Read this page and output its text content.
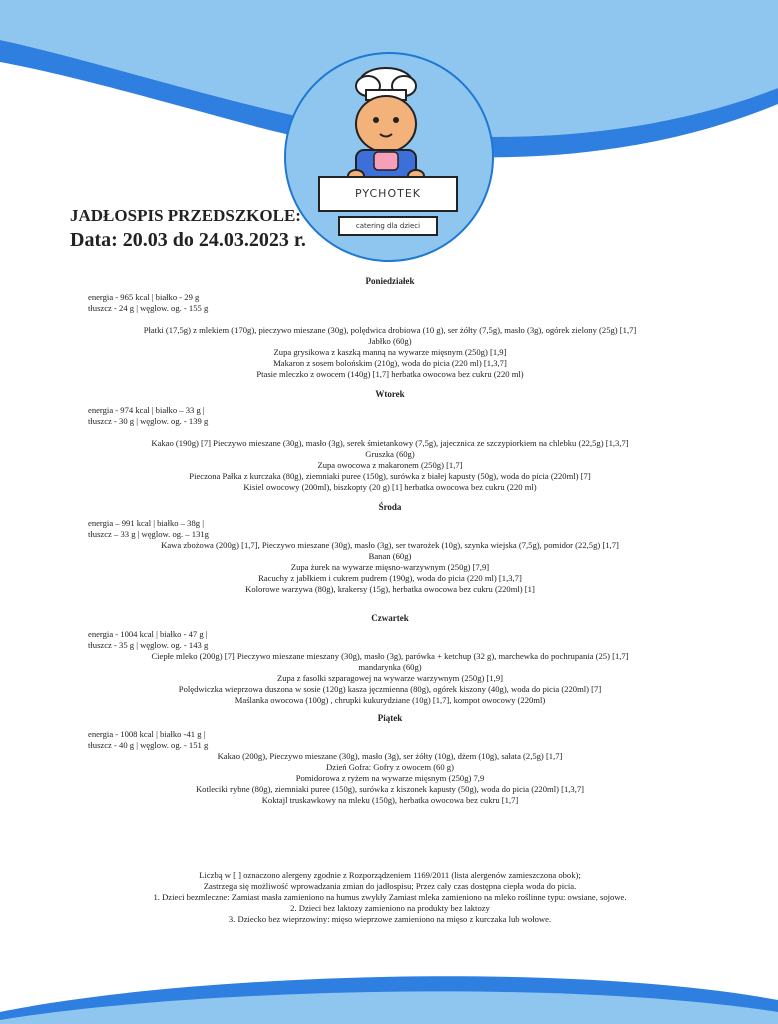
PYCHOTEK
catering dla dzieci
JADŁOSPIS PRZEDSZKOLE:
Data: 20.03 do 24.03.2023 r.
Poniedziałek
energia - 965 kcal | białko - 29 g
tłuszcz - 24 g | węglow. og. - 155 g
Płatki (17,5g) z mlekiem (170g), pieczywo mieszane (30g), polędwica drobiowa (10 g), ser żółty (7,5g), masło (3g), ogórek zielony (25g) [1,7]
Jabłko (60g)
Zupa grysikowa z kaszką manną na wywarze mięsnym (250g) [1,9]
Makaron z sosem bolońskim (210g), woda do picia (220 ml) [1,3,7]
Ptasie mleczko z owocem (140g) [1,7] herbatka owocowa bez cukru (220 ml)
Wtorek
energia - 974 kcal | białko – 33 g |
tłuszcz - 30 g | węglow. og. - 139 g
Kakao (190g) [7] Pieczywo mieszane (30g), masło (3g), serek śmietankowy (7,5g), jajecznica ze szczypiorkiem na chlebku (22,5g) [1,3,7]
Gruszka (60g)
Zupa owocowa z makaronem (250g) [1,7]
Pieczona Pałka z kurczaka (80g), ziemniaki puree (150g), surówka z białej kapusty (50g), woda do picia (220ml) [7]
Kisiel owocowy (200ml), biszkopty (20 g) [1] herbatka owocowa bez cukru (220 ml)
Środa
energia – 991 kcal | białko – 38g |
tłuszcz – 33 g | węglow. og. – 131g
Kawa zbożowa (200g) [1,7], Pieczywo mieszane (30g), masło (3g), ser twarożek (10g), szynka wiejska (7,5g), pomidor (22,5g) [1,7]
Banan (60g)
Zupa żurek na wywarze mięsno-warzywnym (250g) [7,9]
Racuchy z jabłkiem i cukrem pudrem (190g), woda do picia (220 ml) [1,3,7]
Kolorowe warzywa (80g), krakersy (15g), herbatka owocowa bez cukru (220ml) [1]
Czwartek
energia - 1004 kcal | białko - 47 g |
tłuszcz - 35 g | węglow. og. - 143 g
Ciepłe mleko (200g) [7] Pieczywo mieszane mieszany (30g), masło (3g), parówka + ketchup (32 g), marchewka do pochrupania (25) [1,7]
mandarynka (60g)
Zupa z fasolki szparagowej na wywarze warzywnym (250g) [1,9]
Polędwiczka wieprzowa duszona w sosie (120g) kasza jęczmienna (80g), ogórek kiszony (40g), woda do picia (220ml) [7]
Maślanka owocowa (100g) , chrupki kukurydziane (10g) [1,7], kompot owocowy (220ml)
Piątek
energia - 1008 kcal | białko -41 g |
tłuszcz - 40 g | węglow. og. - 151 g
Kakao (200g), Pieczywo mieszane (30g), masło (3g), ser żółty (10g), dżem (10g), sałata (2,5g) [1,7]
Dzień Gofra: Gofry z owocem (60 g)
Pomidorowa z ryżem na wywarze mięsnym (250g) 7,9
Kotleciki rybne (80g), ziemniaki puree (150g), surówka z kiszonek kapusty (50g), woda do picia (220ml) [1,3,7]
Koktajl truskawkowy na mleku (150g), herbatka owocowa bez cukru [1,7]
Liczbą w [ ] oznaczono alergeny zgodnie z Rozporządzeniem 1169/2011 (lista alergenów zamieszczona obok);
Zastrzega się możliwość wprowadzania zmian do jadłospisu; Przez cały czas dostępna ciepła woda do picia.
1. Dzieci bezmleczne: Zamiast masła zamieniono na humus zwykły Zamiast mleka zamieniono na mleko roślinne typu: owsiane, sojowe.
2. Dzieci bez laktozy zamieniono na produkty bez laktozy
3. Dziecko bez wieprzowiny: mięso wieprzowe zamieniono na mięso z kurczaka lub wołowe.
